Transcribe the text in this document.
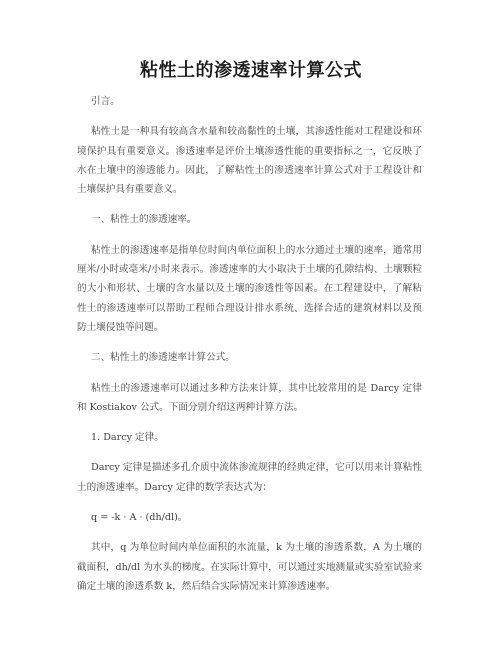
粘性土的渗透速率计算公式

引言。

粘性土是一种具有较高含水量和较高黏性的土壤，其渗透性能对工程建设和环境保护具有重要意义。渗透速率是评价土壤渗透性能的重要指标之一，它反映了水在土壤中的渗透能力。因此，了解粘性土的渗透速率计算公式对于工程设计和土壤保护具有重要意义。

一、粘性土的渗透速率。

粘性土的渗透速率是指单位时间内单位面积上的水分通过土壤的速率，通常用厘米/小时或毫米/小时来表示。渗透速率的大小取决于土壤的孔隙结构、土壤颗粒的大小和形状、土壤的含水量以及土壤的渗透性等因素。在工程建设中，了解粘性土的渗透速率可以帮助工程师合理设计排水系统、选择合适的建筑材料以及预防土壤侵蚀等问题。

二、粘性土的渗透速率计算公式。

粘性土的渗透速率可以通过多种方法来计算，其中比较常用的是 Darcy 定律和 Kostiakov 公式。下面分别介绍这两种计算方法。

1. Darcy 定律。

Darcy 定律是描述多孔介质中流体渗流规律的经典定律，它可以用来计算粘性土的渗透速率。Darcy 定律的数学表达式为：

q = -k · A · (dh/dl)。

其中，q 为单位时间内单位面积的水流量，k 为土壤的渗透系数，A 为土壤的截面积，dh/dl 为水头的梯度。在实际计算中，可以通过实地测量或实验室试验来确定土壤的渗透系数 k，然后结合实际情况来计算渗透速率。
